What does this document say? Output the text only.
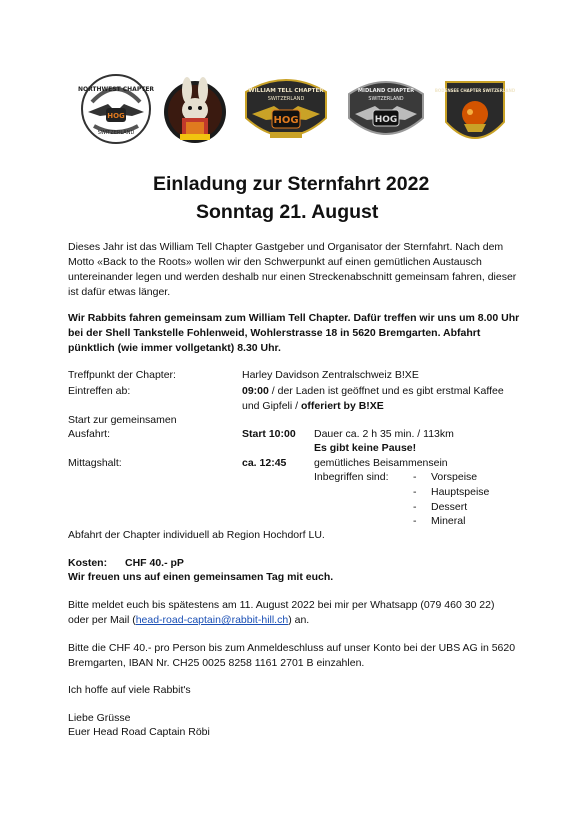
NORTHWEST CHAPTER
HOG
SWITZERLAND
WILLIAM TELL CHAPTER
SWITZERLAND
HOG
MIDLAND CHAPTER
SWITZERLAND
HOG
BODENSEE CHAPTER SWITZERLAND
Einladung zur Sternfahrt 2022
Sonntag 21. August

Dieses Jahr ist das William Tell Chapter Gastgeber und Organisator der Sternfahrt. Nach dem Motto «Back to the Roots» wollen wir den Schwerpunkt auf einen gemütlichen Austausch untereinander legen und werden deshalb nur einen Streckenabschnitt gemeinsam fahren, dieser ist dafür etwas länger.

Wir Rabbits fahren gemeinsam zum William Tell Chapter. Dafür treffen wir uns um 8.00 Uhr bei der Shell Tankstelle Fohlenweid, Wohlerstrasse 18 in 5620 Bremgarten. Abfahrt pünktlich (wie immer vollgetankt) 8.30 Uhr.

Treffpunkt der Chapter:	Harley Davidson Zentralschweiz B!XE
Eintreffen ab:	09:00 / der Laden ist geöffnet und es gibt erstmal Kaffee
und Gipfeli / offeriert by B!XE
Start zur gemeinsamen
Ausfahrt:	Start 10:00 Dauer ca. 2 h 35 min. / 113km
Es gibt keine Pause!
Mittagshalt:	ca. 12:45	gemütliches Beisammensein
Inbegriffen sind: - Vorspeise
- Hauptspeise
- Dessert
- Mineral
Abfahrt der Chapter individuell ab Region Hochdorf LU.
Kosten: CHF 40.- pP
Wir freuen uns auf einen gemeinsamen Tag mit euch.
Bitte meldet euch bis spätestens am 11. August 2022 bei mir per Whatsapp (079 460 30 22)
oder per Mail (head-road-captain@rabbit-hill.ch) an.

Bitte die CHF 40.- pro Person bis zum Anmeldeschluss auf unser Konto bei der UBS AG in 5620 Bremgarten, IBAN Nr. CH25 0025 8258 1161 2701 B einzahlen.

Ich hoffe auf viele Rabbit's
Liebe Grüsse
Euer Head Road Captain Röbi
